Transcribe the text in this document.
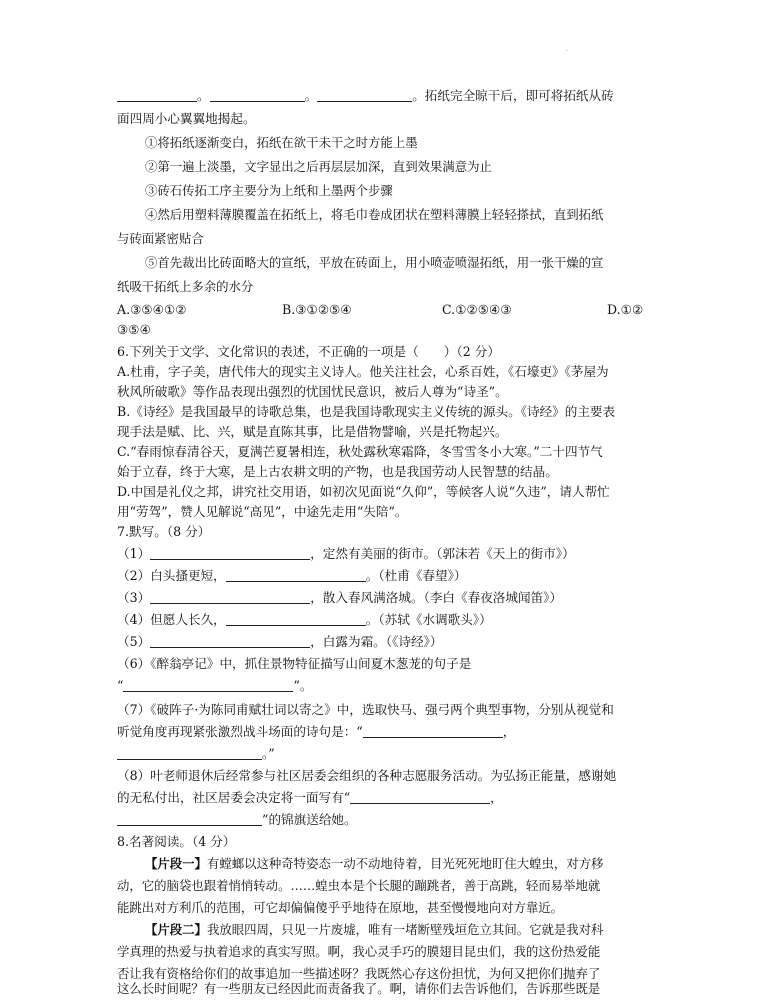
.
。	。	。拓纸完全晾干后，即可将拓纸从砖
面四周小心翼翼地揭起。
①将拓纸逐渐变白，拓纸在欲干未干之时方能上墨
②第一遍上淡墨，文字显出之后再层层加深，直到效果满意为止
③砖石传拓工序主要分为上纸和上墨两个步骤
④然后用塑料薄膜覆盖在拓纸上，将毛巾卷成团状在塑料薄膜上轻轻搽拭，直到拓纸
与砖面紧密贴合
⑤首先裁出比砖面略大的宣纸，平放在砖面上，用小喷壶喷湿拓纸，用一张干燥的宣
纸吸干拓纸上多余的水分
A.③⑤④①②	B.③①②⑤④	C.①②⑤④③	D.①②
③⑤④
6.下列关于文学、文化常识的表述，不正确的一项是（　　）（2 分）
A.杜甫，字子美，唐代伟大的现实主义诗人。他关注社会，心系百姓，《石壕吏》《茅屋为
秋风所破歌》等作品表现出强烈的忧国忧民意识，被后人尊为“诗圣”。
B.《诗经》是我国最早的诗歌总集，也是我国诗歌现实主义传统的源头。《诗经》的主要表
现手法是赋、比、兴，赋是直陈其事，比是借物譬喻，兴是托物起兴。
C.“春雨惊春清谷天，夏满芒夏暑相连，秋处露秋寒霜降，冬雪雪冬小大寒。”二十四节气
始于立春，终于大寒，是上古农耕文明的产物，也是我国劳动人民智慧的结晶。
D.中国是礼仪之邦，讲究社交用语，如初次见面说“久仰”，等候客人说“久违”，请人帮忙
用“劳驾”，赞人见解说“高见”，中途先走用“失陪”。
7.默写。（8 分）
（1）	，定然有美丽的街市。（郭沫若《天上的街市》）
（2）白头搔更短，	。（杜甫《春望》）
（3）	，散入春风满洛城。（李白《春夜洛城闻笛》）
（4）但愿人长久，	。（苏轼《水调歌头》）
（5）	，白露为霜。（《诗经》）
（6）《醉翁亭记》中，抓住景物特征描写山间夏木葱茏的句子是
“	”。
（7）《破阵子·为陈同甫赋壮词以寄之》中，选取快马、强弓两个典型事物，分别从视觉和
听觉角度再现紧张激烈战斗场面的诗句是：“	，
。”
（8）叶老师退休后经常参与社区居委会组织的各种志愿服务活动。为弘扬正能量，感谢她
的无私付出，社区居委会决定将一面写有“	，
”的锦旗送给她。
8.名著阅读。（4 分）
【片段一】有螳螂以这种奇特姿态一动不动地待着，目光死死地盯住大蝗虫，对方移
动，它的脑袋也跟着悄悄转动。……蝗虫本是个长腿的蹦跳者，善于高跳，轻而易举地就
能跳出对方利爪的范围，可它却偏偏傻乎乎地待在原地，甚至慢慢地向对方靠近。
【片段二】我放眼四周，只见一片废墟，唯有一堵断壁残垣危立其间。它就是我对科
学真理的热爱与执着追求的真实写照。啊，我心灵手巧的膜翅目昆虫们，我的这份热爱能
否让我有资格给你们的故事追加一些描述呀？我既然心存这份担忧，为何又把你们抛弃了
这么长时间呢？有一些朋友已经因此而责备我了。啊，请你们去告诉他们，告诉那些既是
